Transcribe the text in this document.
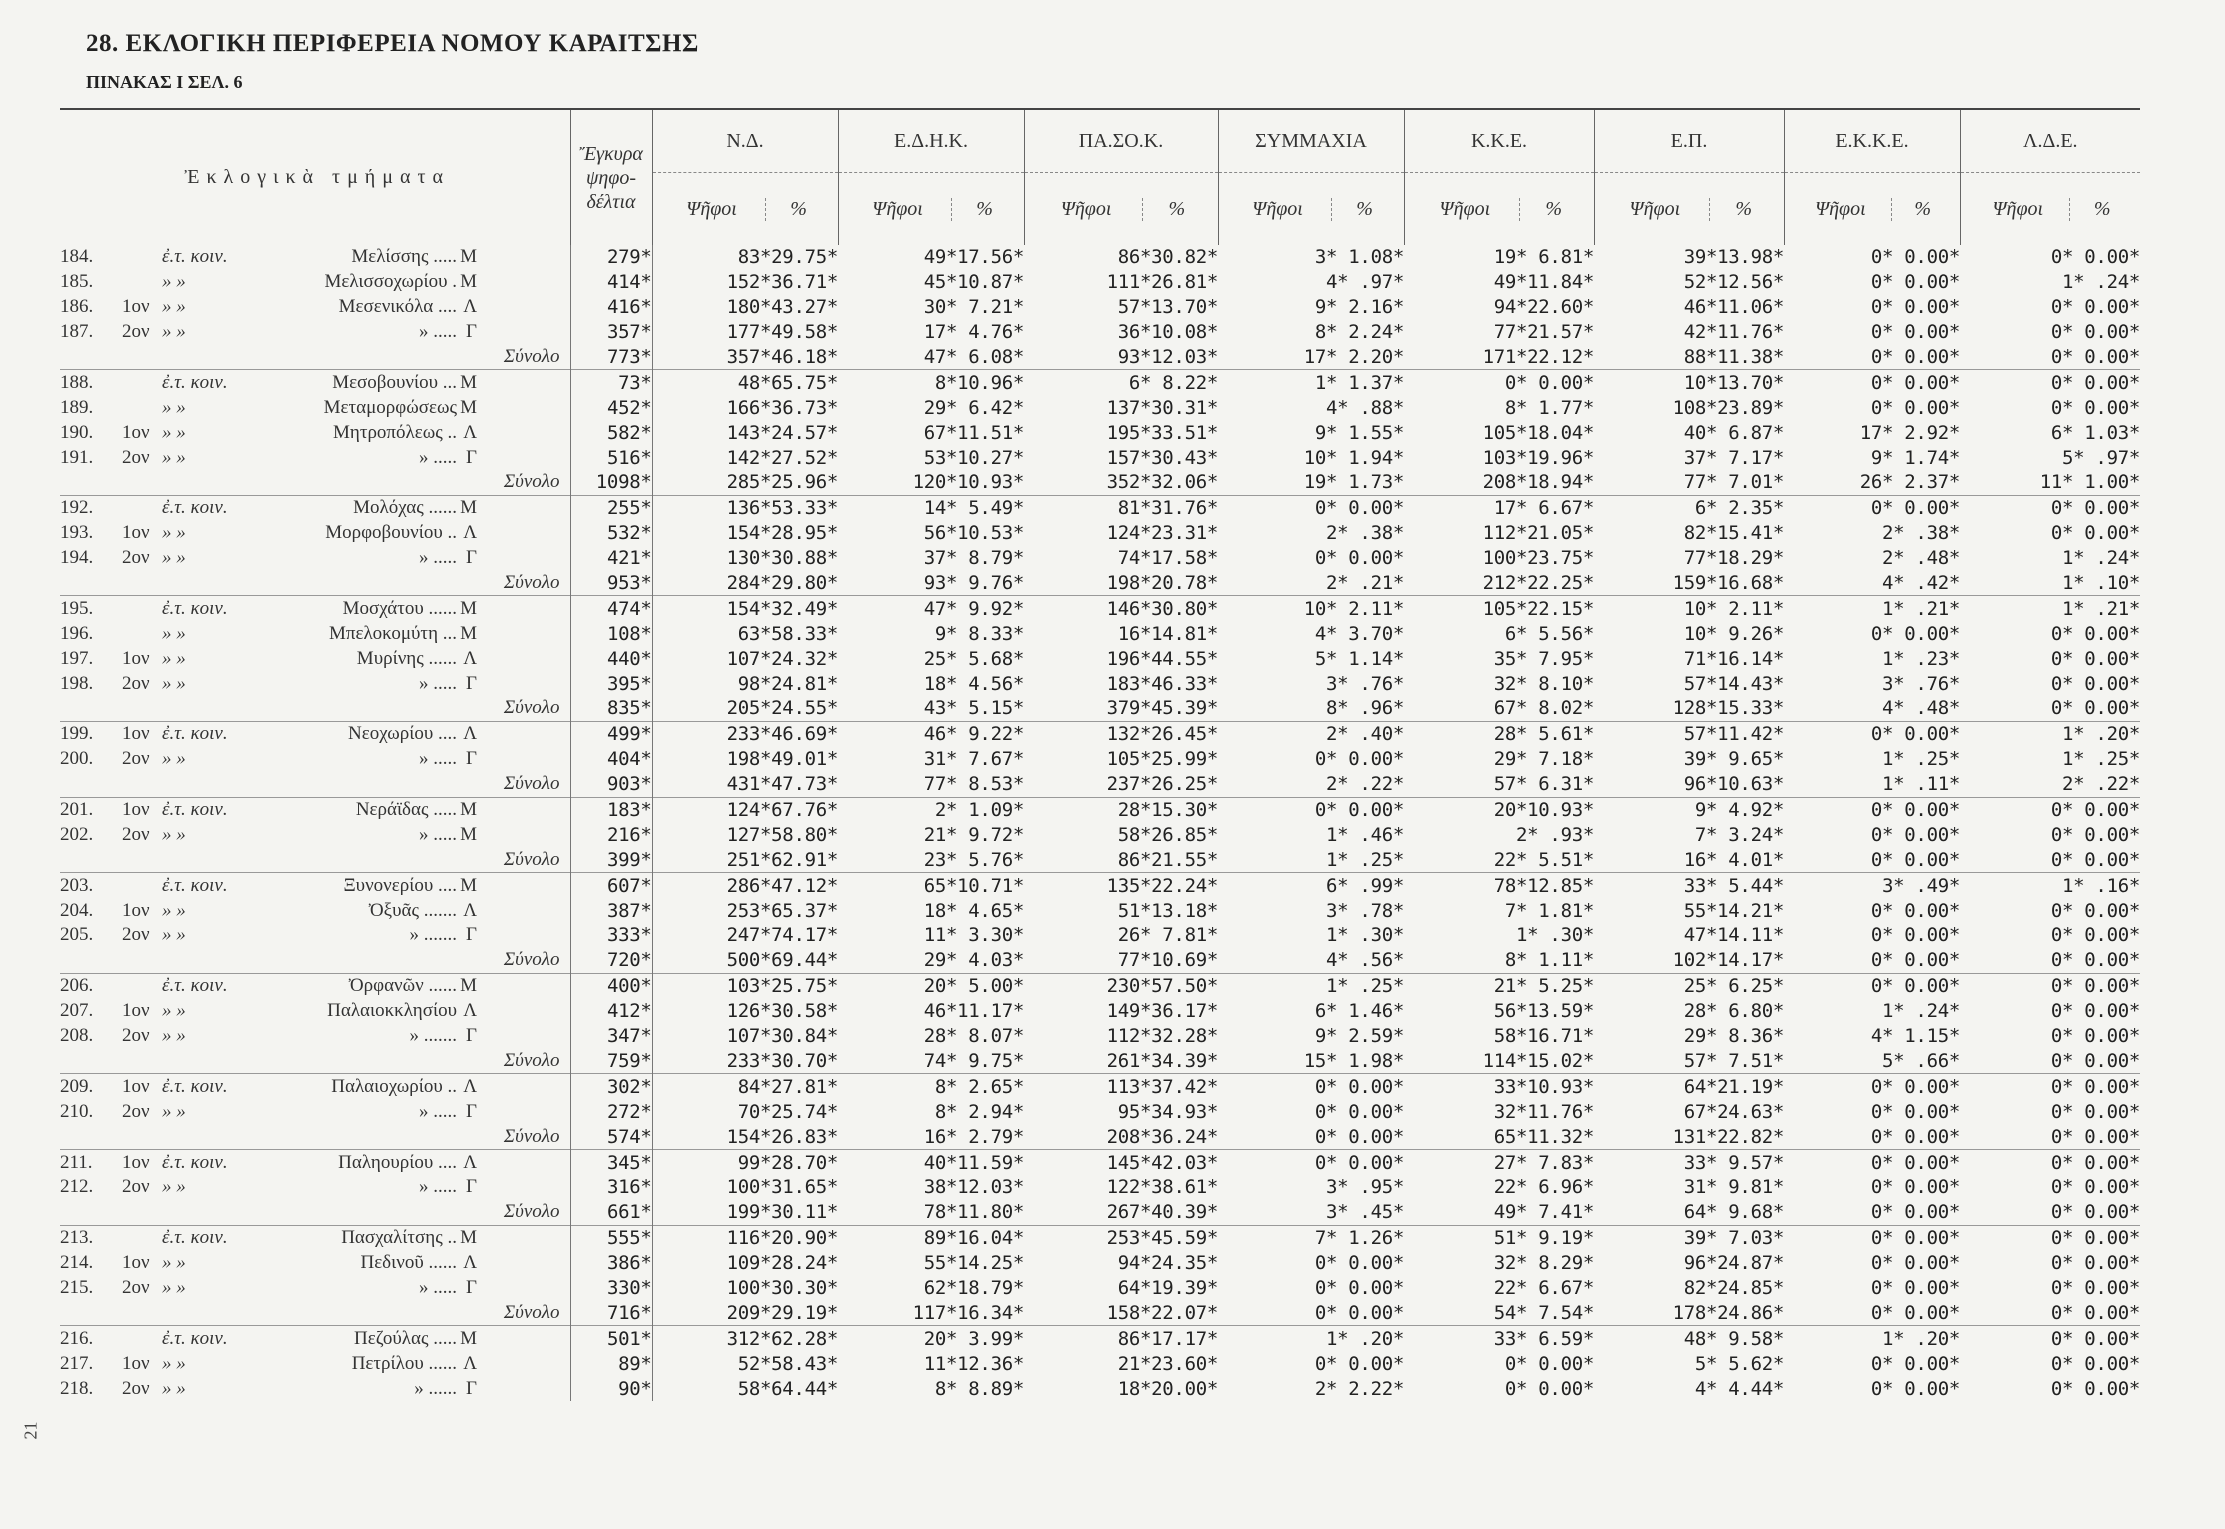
28. ΕΚΛΟΓΙΚΗ ΠΕΡΙΦΕΡΕΙΑ ΝΟΜΟΥ ΚΑΡΑΙΤΣΗΣ
ΠΙΝΑΚΑΣ Ι ΣΕΛ. 6
21
Ἐκλογικὰ τμήματα	Ἔγκυρα
ψηφο-
δέλτια	Ν.Δ.	Ε.Δ.Η.Κ.	ΠΑ.ΣΟ.Κ.	ΣΥΜΜΑΧΙΑ	Κ.Κ.Ε.	Ε.Π.	Ε.Κ.Κ.Ε.	Λ.Δ.Ε.
		Ψῆφοι %	Ψῆφοι %	Ψῆφοι %	Ψῆφοι %	Ψῆφοι %	Ψῆφοι %	Ψῆφοι %	Ψῆφοι %
184. ἐ.τ. κοιν. Μελίσσης ..... Μ	279*	83*29.75*	49*17.56*	86*30.82*	3* 1.08*	19* 6.81*	39*13.98*	0* 0.00*	0* 0.00*
185. » » Μελισσοχωρίου . Μ	414*	152*36.71*	45*10.87*	111*26.81*	4* .97*	49*11.84*	52*12.56*	0* 0.00*	1* .24*
186. 1ον » » Μεσενικόλα .... Λ	416*	180*43.27*	30* 7.21*	57*13.70*	9* 2.16*	94*22.60*	46*11.06*	0* 0.00*	0* 0.00*
187. 2ον » » » ..... Γ	357*	177*49.58*	17* 4.76*	36*10.08*	8* 2.24*	77*21.57*	42*11.76*	0* 0.00*	0* 0.00*
Σύνολο	773*	357*46.18*	47* 6.08*	93*12.03*	17* 2.20*	171*22.12*	88*11.38*	0* 0.00*	0* 0.00*
188. ἐ.τ. κοιν. Μεσοβουνίου ... Μ	73*	48*65.75*	8*10.96*	6* 8.22*	1* 1.37*	0* 0.00*	10*13.70*	0* 0.00*	0* 0.00*
189. » » Μεταμορφώσεως Μ	452*	166*36.73*	29* 6.42*	137*30.31*	4* .88*	8* 1.77*	108*23.89*	0* 0.00*	0* 0.00*
190. 1ον » » Μητροπόλεως .. Λ	582*	143*24.57*	67*11.51*	195*33.51*	9* 1.55*	105*18.04*	40* 6.87*	17* 2.92*	6* 1.03*
191. 2ον » » » ..... Γ	516*	142*27.52*	53*10.27*	157*30.43*	10* 1.94*	103*19.96*	37* 7.17*	9* 1.74*	5* .97*
Σύνολο	1098*	285*25.96*	120*10.93*	352*32.06*	19* 1.73*	208*18.94*	77* 7.01*	26* 2.37*	11* 1.00*
192. ἐ.τ. κοιν. Μολόχας ...... Μ	255*	136*53.33*	14* 5.49*	81*31.76*	0* 0.00*	17* 6.67*	6* 2.35*	0* 0.00*	0* 0.00*
193. 1ον » » Μορφοβουνίου .. Λ	532*	154*28.95*	56*10.53*	124*23.31*	2* .38*	112*21.05*	82*15.41*	2* .38*	0* 0.00*
194. 2ον » » » ..... Γ	421*	130*30.88*	37* 8.79*	74*17.58*	0* 0.00*	100*23.75*	77*18.29*	2* .48*	1* .24*
Σύνολο	953*	284*29.80*	93* 9.76*	198*20.78*	2* .21*	212*22.25*	159*16.68*	4* .42*	1* .10*
195. ἐ.τ. κοιν. Μοσχάτου ...... Μ	474*	154*32.49*	47* 9.92*	146*30.80*	10* 2.11*	105*22.15*	10* 2.11*	1* .21*	1* .21*
196. » » Μπελοκομύτη ... Μ	108*	63*58.33*	9* 8.33*	16*14.81*	4* 3.70*	6* 5.56*	10* 9.26*	0* 0.00*	0* 0.00*
197. 1ον » » Μυρίνης ...... Λ	440*	107*24.32*	25* 5.68*	196*44.55*	5* 1.14*	35* 7.95*	71*16.14*	1* .23*	0* 0.00*
198. 2ον » » » ..... Γ	395*	98*24.81*	18* 4.56*	183*46.33*	3* .76*	32* 8.10*	57*14.43*	3* .76*	0* 0.00*
Σύνολο	835*	205*24.55*	43* 5.15*	379*45.39*	8* .96*	67* 8.02*	128*15.33*	4* .48*	0* 0.00*
199. 1ον ἐ.τ. κοιν. Νεοχωρίου .... Λ	499*	233*46.69*	46* 9.22*	132*26.45*	2* .40*	28* 5.61*	57*11.42*	0* 0.00*	1* .20*
200. 2ον » » » ..... Γ	404*	198*49.01*	31* 7.67*	105*25.99*	0* 0.00*	29* 7.18*	39* 9.65*	1* .25*	1* .25*
Σύνολο	903*	431*47.73*	77* 8.53*	237*26.25*	2* .22*	57* 6.31*	96*10.63*	1* .11*	2* .22*
201. 1ον ἐ.τ. κοιν. Νεράϊδας ..... Μ	183*	124*67.76*	2* 1.09*	28*15.30*	0* 0.00*	20*10.93*	9* 4.92*	0* 0.00*	0* 0.00*
202. 2ον » » » ..... Μ	216*	127*58.80*	21* 9.72*	58*26.85*	1* .46*	2* .93*	7* 3.24*	0* 0.00*	0* 0.00*
Σύνολο	399*	251*62.91*	23* 5.76*	86*21.55*	1* .25*	22* 5.51*	16* 4.01*	0* 0.00*	0* 0.00*
203. ἐ.τ. κοιν. Ξυνονερίου .... Μ	607*	286*47.12*	65*10.71*	135*22.24*	6* .99*	78*12.85*	33* 5.44*	3* .49*	1* .16*
204. 1ον » » Ὀξυᾶς ....... Λ	387*	253*65.37*	18* 4.65*	51*13.18*	3* .78*	7* 1.81*	55*14.21*	0* 0.00*	0* 0.00*
205. 2ον » » » ....... Γ	333*	247*74.17*	11* 3.30*	26* 7.81*	1* .30*	1* .30*	47*14.11*	0* 0.00*	0* 0.00*
Σύνολο	720*	500*69.44*	29* 4.03*	77*10.69*	4* .56*	8* 1.11*	102*14.17*	0* 0.00*	0* 0.00*
206. ἐ.τ. κοιν. Ὀρφανῶν ...... Μ	400*	103*25.75*	20* 5.00*	230*57.50*	1* .25*	21* 5.25*	25* 6.25*	0* 0.00*	0* 0.00*
207. 1ον » » Παλαιοκκλησίου Λ	412*	126*30.58*	46*11.17*	149*36.17*	6* 1.46*	56*13.59*	28* 6.80*	1* .24*	0* 0.00*
208. 2ον » » » ....... Γ	347*	107*30.84*	28* 8.07*	112*32.28*	9* 2.59*	58*16.71*	29* 8.36*	4* 1.15*	0* 0.00*
Σύνολο	759*	233*30.70*	74* 9.75*	261*34.39*	15* 1.98*	114*15.02*	57* 7.51*	5* .66*	0* 0.00*
209. 1ον ἐ.τ. κοιν. Παλαιοχωρίου .. Λ	302*	84*27.81*	8* 2.65*	113*37.42*	0* 0.00*	33*10.93*	64*21.19*	0* 0.00*	0* 0.00*
210. 2ον » » » ..... Γ	272*	70*25.74*	8* 2.94*	95*34.93*	0* 0.00*	32*11.76*	67*24.63*	0* 0.00*	0* 0.00*
Σύνολο	574*	154*26.83*	16* 2.79*	208*36.24*	0* 0.00*	65*11.32*	131*22.82*	0* 0.00*	0* 0.00*
211. 1ον ἐ.τ. κοιν. Παληουρίου .... Λ	345*	99*28.70*	40*11.59*	145*42.03*	0* 0.00*	27* 7.83*	33* 9.57*	0* 0.00*	0* 0.00*
212. 2ον » » » ..... Γ	316*	100*31.65*	38*12.03*	122*38.61*	3* .95*	22* 6.96*	31* 9.81*	0* 0.00*	0* 0.00*
Σύνολο	661*	199*30.11*	78*11.80*	267*40.39*	3* .45*	49* 7.41*	64* 9.68*	0* 0.00*	0* 0.00*
213. ἐ.τ. κοιν. Πασχαλίτσης .. Μ	555*	116*20.90*	89*16.04*	253*45.59*	7* 1.26*	51* 9.19*	39* 7.03*	0* 0.00*	0* 0.00*
214. 1ον » » Πεδινοῦ ...... Λ	386*	109*28.24*	55*14.25*	94*24.35*	0* 0.00*	32* 8.29*	96*24.87*	0* 0.00*	0* 0.00*
215. 2ον » » » ..... Γ	330*	100*30.30*	62*18.79*	64*19.39*	0* 0.00*	22* 6.67*	82*24.85*	0* 0.00*	0* 0.00*
Σύνολο	716*	209*29.19*	117*16.34*	158*22.07*	0* 0.00*	54* 7.54*	178*24.86*	0* 0.00*	0* 0.00*
216. ἐ.τ. κοιν. Πεζούλας ..... Μ	501*	312*62.28*	20* 3.99*	86*17.17*	1* .20*	33* 6.59*	48* 9.58*	1* .20*	0* 0.00*
217. 1ον » » Πετρίλου ...... Λ	89*	52*58.43*	11*12.36*	21*23.60*	0* 0.00*	0* 0.00*	5* 5.62*	0* 0.00*	0* 0.00*
218. 2ον » » » ...... Γ	90*	58*64.44*	8* 8.89*	18*20.00*	2* 2.22*	0* 0.00*	4* 4.44*	0* 0.00*	0* 0.00*
